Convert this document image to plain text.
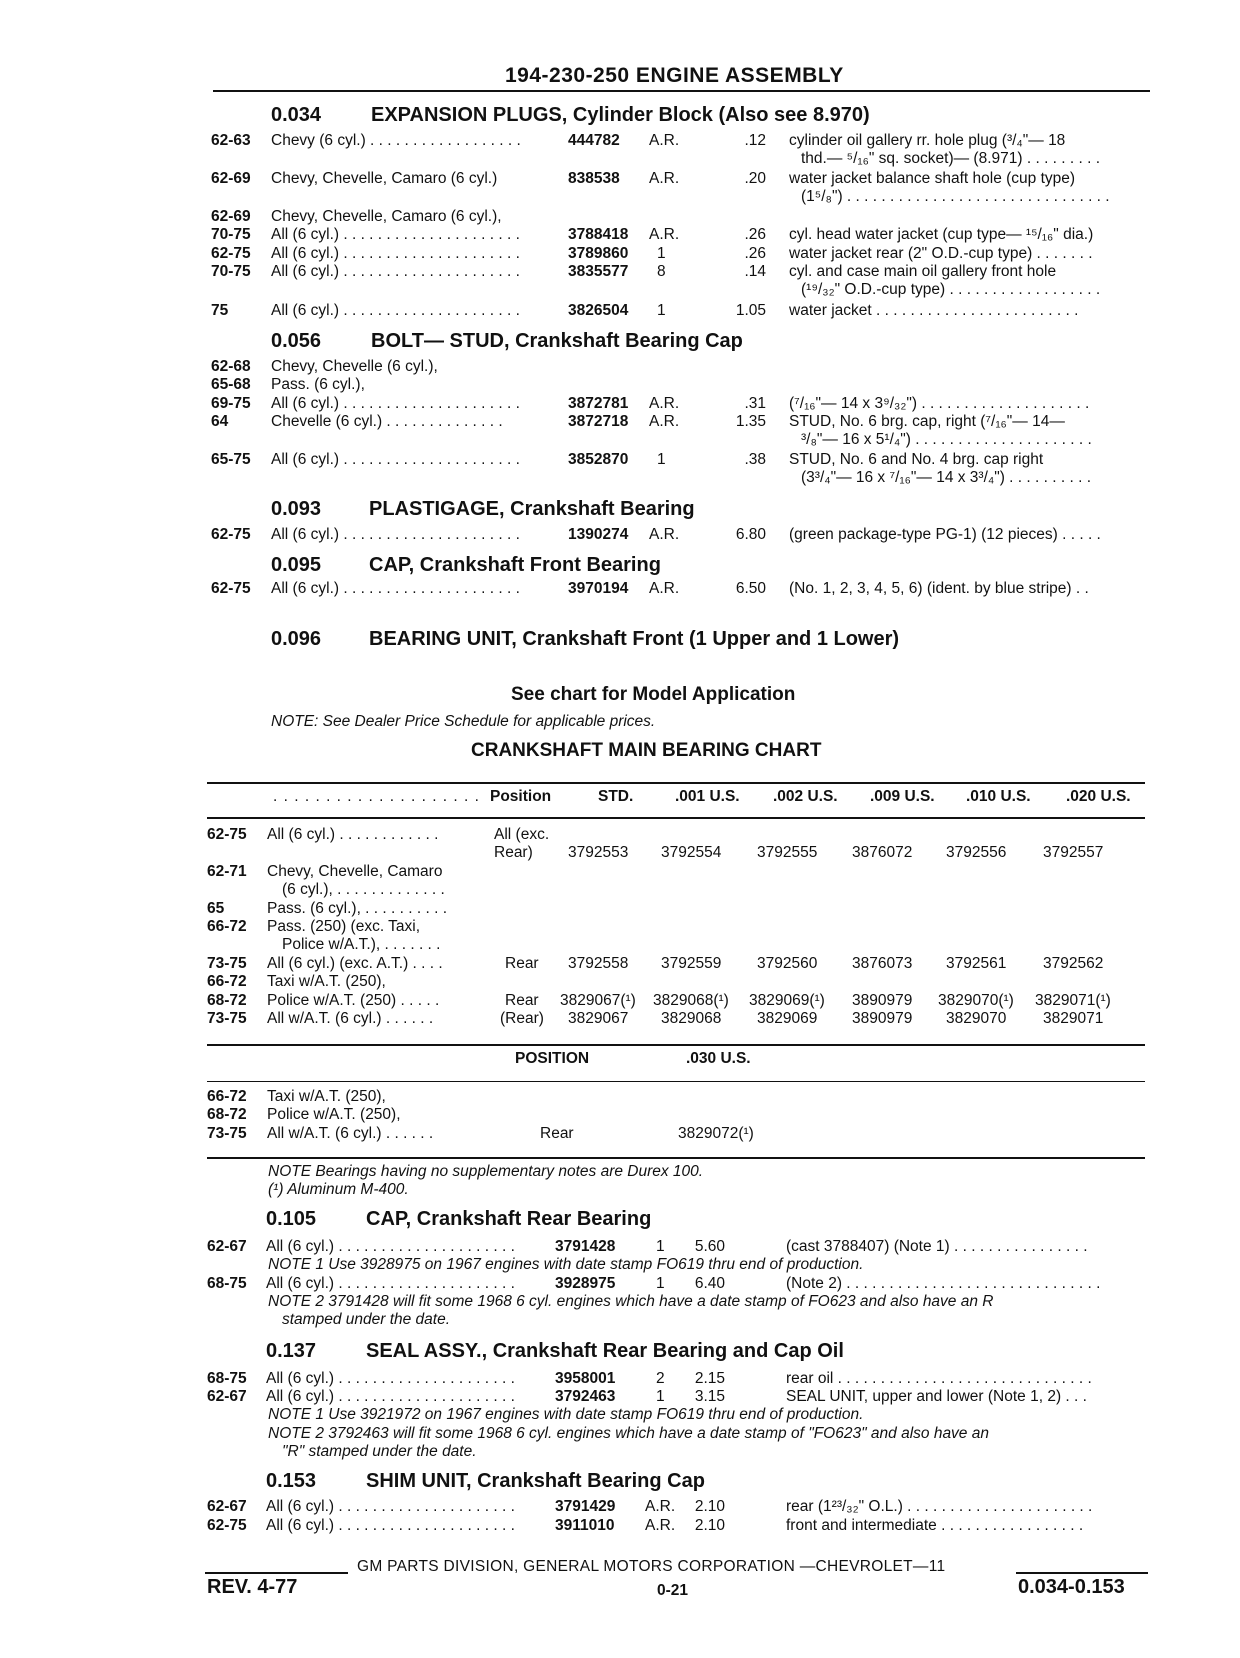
194-230-250 ENGINE ASSEMBLY
0.034 EXPANSION PLUGS, Cylinder Block (Also see 8.970)
62-63 Chevy (6 cyl.) . . . . . . . . . . . . . . . . . .	444782 A.R.	.12 cylinder oil gallery rr. hole plug (³/₄"— 18
thd.— ⁵/₁₆" sq. socket)— (8.971) . . . . . . . . .
62-69 Chevy, Chevelle, Camaro (6 cyl.)	838538 A.R.	.20 water jacket balance shaft hole (cup type)
(1⁵/₈") . . . . . . . . . . . . . . . . . . . . . . . . . . . . . . .
62-69 Chevy, Chevelle, Camaro (6 cyl.),
70-75 All (6 cyl.) . . . . . . . . . . . . . . . . . . . . .	3788418 A.R.	.26 cyl. head water jacket (cup type— ¹⁵/₁₆" dia.)
62-75 All (6 cyl.) . . . . . . . . . . . . . . . . . . . . .	3789860 1	.26 water jacket rear (2" O.D.-cup type) . . . . . . .
70-75 All (6 cyl.) . . . . . . . . . . . . . . . . . . . . .	3835577 8	.14 cyl. and case main oil gallery front hole
(¹⁹/₃₂" O.D.-cup type) . . . . . . . . . . . . . . . . . .
75	All (6 cyl.) . . . . . . . . . . . . . . . . . . . . .	3826504 1	1.05 water jacket . . . . . . . . . . . . . . . . . . . . . . . .
62-68 Chevy, Chevelle (6 cyl.),
65-68 Pass. (6 cyl.),
69-75 All (6 cyl.) . . . . . . . . . . . . . . . . . . . . .	3872781 A.R.	.31 (⁷/₁₆"— 14 x 3⁹/₃₂") . . . . . . . . . . . . . . . . . . . .
64	Chevelle (6 cyl.) . . . . . . . . . . . . . .	3872718 A.R.	1.35 STUD, No. 6 brg. cap, right (⁷/₁₆"— 14—
³/₈"— 16 x 5¹/₄") . . . . . . . . . . . . . . . . . . . . .
65-75 All (6 cyl.) . . . . . . . . . . . . . . . . . . . . .	3852870 1	.38 STUD, No. 6 and No. 4 brg. cap right
(3³/₄"— 16 x ⁷/₁₆"— 14 x 3³/₄") . . . . . . . . . .
62-75 All (6 cyl.) . . . . . . . . . . . . . . . . . . . . .	1390274 A.R.	6.80 (green package-type PG-1) (12 pieces) . . . . .
62-75 All (6 cyl.) . . . . . . . . . . . . . . . . . . . . .	3970194 A.R.	6.50 (No. 1, 2, 3, 4, 5, 6) (ident. by blue stripe) . .
0.056 BOLT— STUD, Crankshaft Bearing Cap
0.093 PLASTIGAGE, Crankshaft Bearing
0.095 CAP, Crankshaft Front Bearing
0.096 BEARING UNIT, Crankshaft Front (1 Upper and 1 Lower)
See chart for Model Application
NOTE: See Dealer Price Schedule for applicable prices.
CRANKSHAFT MAIN BEARING CHART
. . . . . . . . . . . . . . . . . . . . Position	STD.	.001 U.S. .002 U.S. .009 U.S. .010 U.S. .020 U.S.
62-75 All (6 cyl.) . . . . . . . . . . . .	All (exc.
Rear) 3792553 3792554 3792555 3876072 3792556 3792557
62-71 Chevy, Chevelle, Camaro
(6 cyl.), . . . . . . . . . . . . .
65	Pass. (6 cyl.), . . . . . . . . . .
66-72 Pass. (250) (exc. Taxi,
Police w/A.T.), . . . . . . .
73-75 All (6 cyl.) (exc. A.T.) . . . .	Rear 3792558 3792559 3792560 3876073 3792561 3792562
66-72 Taxi w/A.T. (250),
68-72 Police w/A.T. (250) . . . . .	Rear 3829067(¹) 3829068(¹) 3829069(¹) 3890979 3829070(¹) 3829071(¹)
73-75 All w/A.T. (6 cyl.) . . . . . .	(Rear) 3829067 3829068 3829069 3890979 3829070 3829071
POSITION	.030 U.S.
66-72 Taxi w/A.T. (250),
68-72 Police w/A.T. (250),
73-75 All w/A.T. (6 cyl.) . . . . . .	Rear	3829072(¹)
NOTE Bearings having no supplementary notes are Durex 100.
(¹) Aluminum M-400.
0.105 CAP, Crankshaft Rear Bearing
62-67 All (6 cyl.) . . . . . . . . . . . . . . . . . . . . .	3791428	1	5.60	(cast 3788407) (Note 1) . . . . . . . . . . . . . . . .
NOTE 1 Use 3928975 on 1967 engines with date stamp FO619 thru end of production.
68-75 All (6 cyl.) . . . . . . . . . . . . . . . . . . . . .	3928975	1	6.40	(Note 2) . . . . . . . . . . . . . . . . . . . . . . . . . . . . . .
NOTE 2 3791428 will fit some 1968 6 cyl. engines which have a date stamp of FO623 and also have an R
stamped under the date.
0.137 SEAL ASSY., Crankshaft Rear Bearing and Cap Oil
68-75 All (6 cyl.) . . . . . . . . . . . . . . . . . . . . .	3958001	2	2.15	rear oil . . . . . . . . . . . . . . . . . . . . . . . . . . . . . .
62-67 All (6 cyl.) . . . . . . . . . . . . . . . . . . . . .	3792463	1	3.15	SEAL UNIT, upper and lower (Note 1, 2) . . .
NOTE 1 Use 3921972 on 1967 engines with date stamp FO619 thru end of production.
NOTE 2 3792463 will fit some 1968 6 cyl. engines which have a date stamp of "FO623" and also have an
"R" stamped under the date.
0.153 SHIM UNIT, Crankshaft Bearing Cap
62-67 All (6 cyl.) . . . . . . . . . . . . . . . . . . . . .	3791429 A.R.	2.10	rear (1²³/₃₂" O.L.) . . . . . . . . . . . . . . . . . . . . . .
62-75 All (6 cyl.) . . . . . . . . . . . . . . . . . . . . .	3911010 A.R.	2.10	front and intermediate . . . . . . . . . . . . . . . . .
GM PARTS DIVISION, GENERAL MOTORS CORPORATION —CHEVROLET—11
REV. 4-77	0-21	0.034-0.153
